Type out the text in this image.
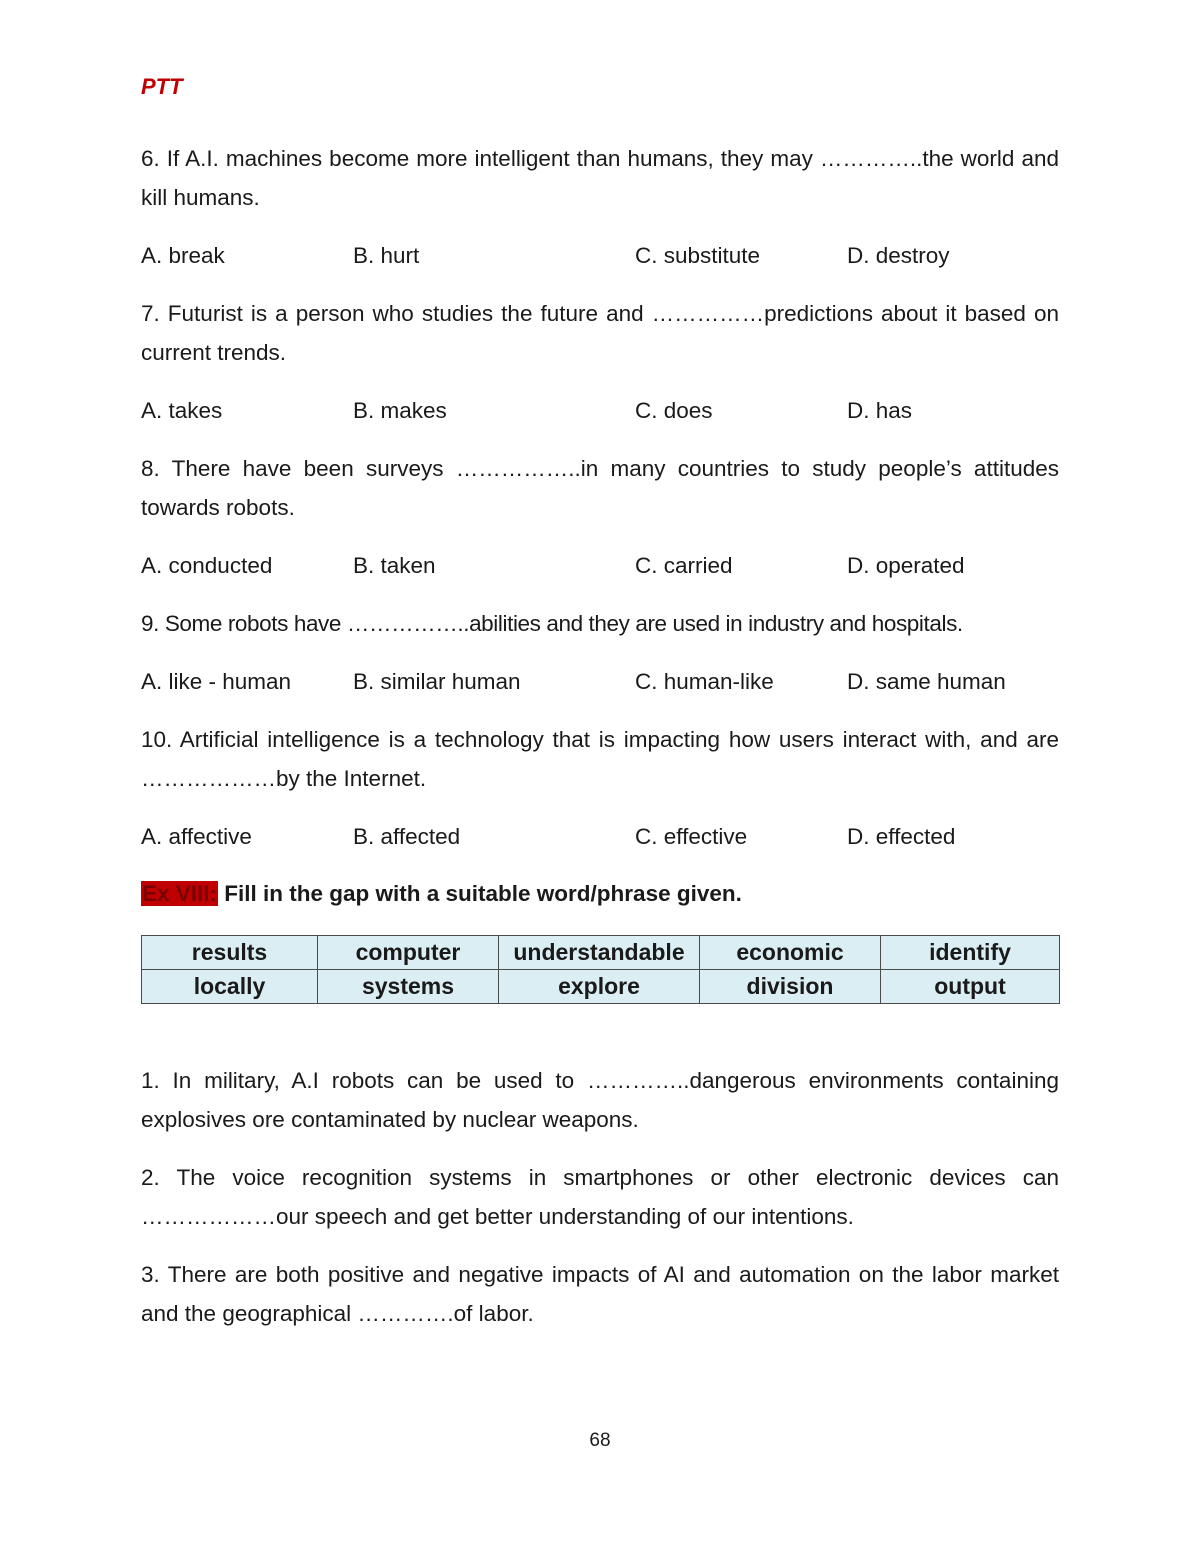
PTT
6. If A.I. machines become more intelligent than humans, they may …………..the world and kill humans.
A. break	B. hurt	C. substitute	D. destroy
7. Futurist is a person who studies the future and ……………predictions about it based on current trends.
A. takes	B. makes	C. does	D. has
8. There have been surveys ……………..in many countries to study people’s attitudes towards robots.
A. conducted	B. taken	C. carried	D. operated
9. Some robots have ……………..abilities and they are used in industry and hospitals.
A. like - human	B. similar human	C. human-like	D. same human
10. Artificial intelligence is a technology that is impacting how users interact with, and are ………………by the Internet.
A. affective	B. affected	C. effective	D. effected
Ex VIII: Fill in the gap with a suitable word/phrase given.
results	computer	understandable	economic	identify
locally	systems	explore	division	output
1. In military, A.I robots can be used to …………..dangerous environments containing explosives ore contaminated by nuclear weapons.
2. The voice recognition systems in smartphones or other electronic devices can ………………our speech and get better understanding of our intentions.
3. There are both positive and negative impacts of AI and automation on the labor market and the geographical ………….of labor.
68
